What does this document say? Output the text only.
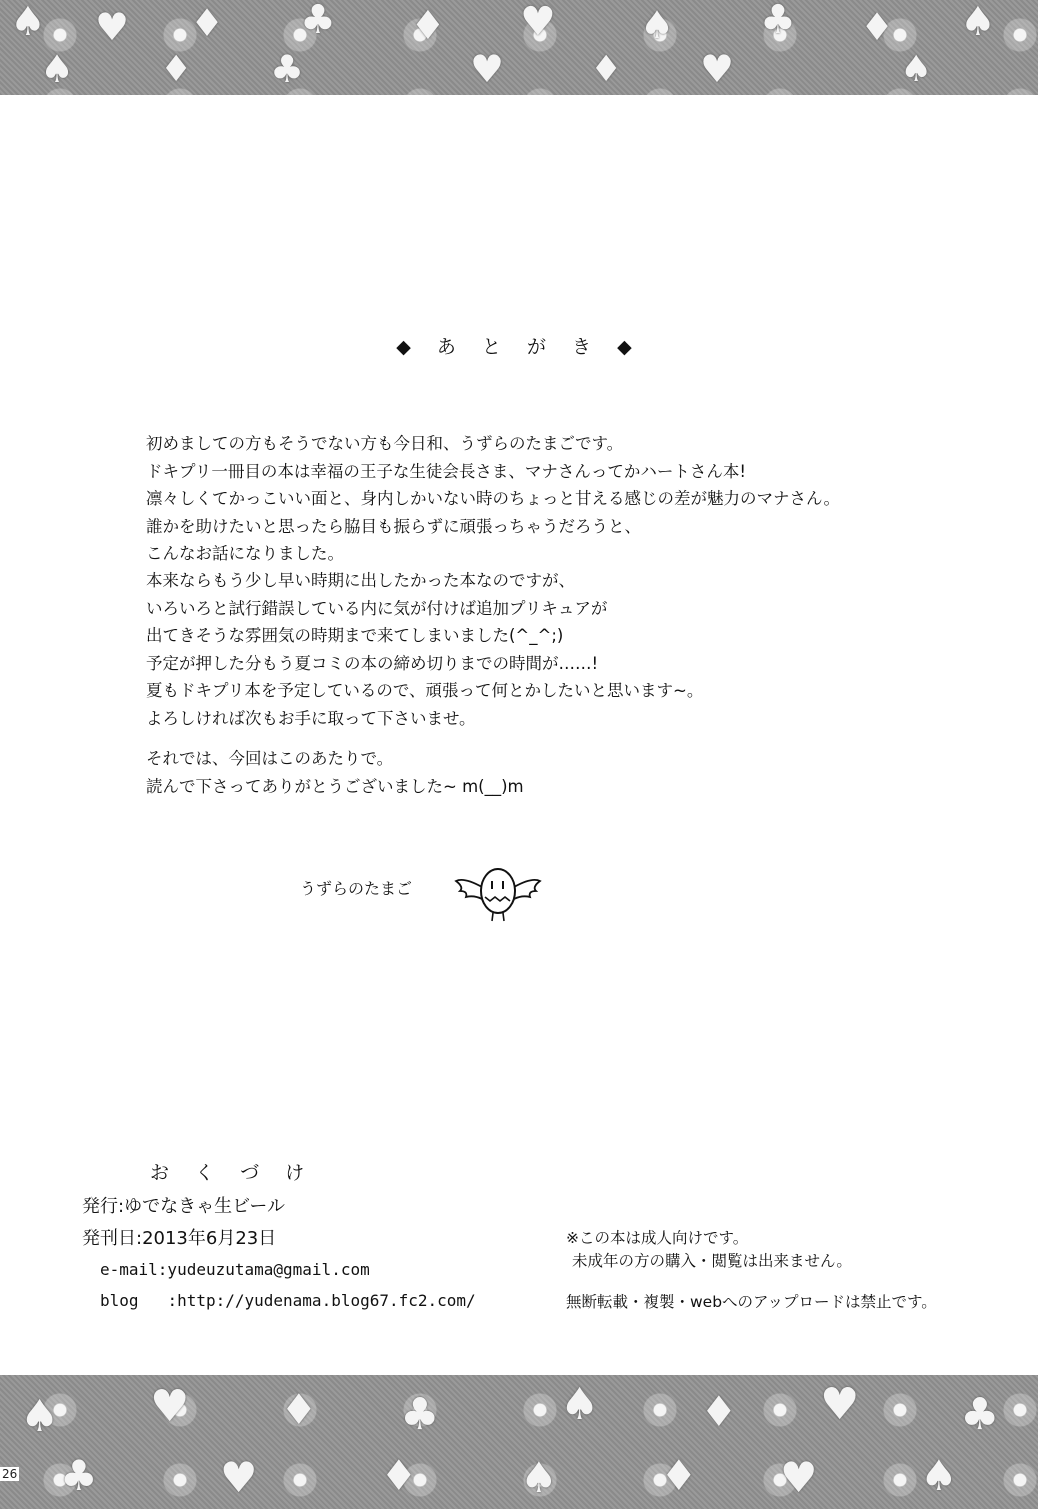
♠ ♥ ♦ ♣ ♦ ♥ ♠ ♣ ♦ ♠
♠ ♦ ♣	♥ ♦ ♥	♠
◆ あ と が き ◆
初めましての方もそうでない方も今日和、うずらのたまごです。
ドキプリ一冊目の本は幸福の王子な生徒会長さま、マナさんってかハートさん本!
凛々しくてかっこいい面と、身内しかいない時のちょっと甘える感じの差が魅力のマナさん。
誰かを助けたいと思ったら脇目も振らずに頑張っちゃうだろうと、
こんなお話になりました。
本来ならもう少し早い時期に出したかった本なのですが、
いろいろと試行錯誤している内に気が付けば追加プリキュアが
出てきそうな雰囲気の時期まで来てしまいました(^_^;)
予定が押した分もう夏コミの本の締め切りまでの時間が……!
夏もドキプリ本を予定しているので、頑張って何とかしたいと思います~。
よろしければ次もお手に取って下さいませ。
それでは、今回はこのあたりで。
読んで下さってありがとうございました~ m(__)m
うずらのたまご
お く づ け
発行:ゆでなきゃ生ビール
発刊日:2013年6月23日
e-mail:yudeuzutama@gmail.com
blog :http://yudenama.blog67.fc2.com/
※この本は成人向けです。
未成年の方の購入・閲覧は出来ません。
無断転載・複製・webへのアップロードは禁止です。
♠ ♥ ♦ ♣	♠ ♦ ♥ ♣
♣	♥	♦ ♠ ♦ ♥ ♠
26
